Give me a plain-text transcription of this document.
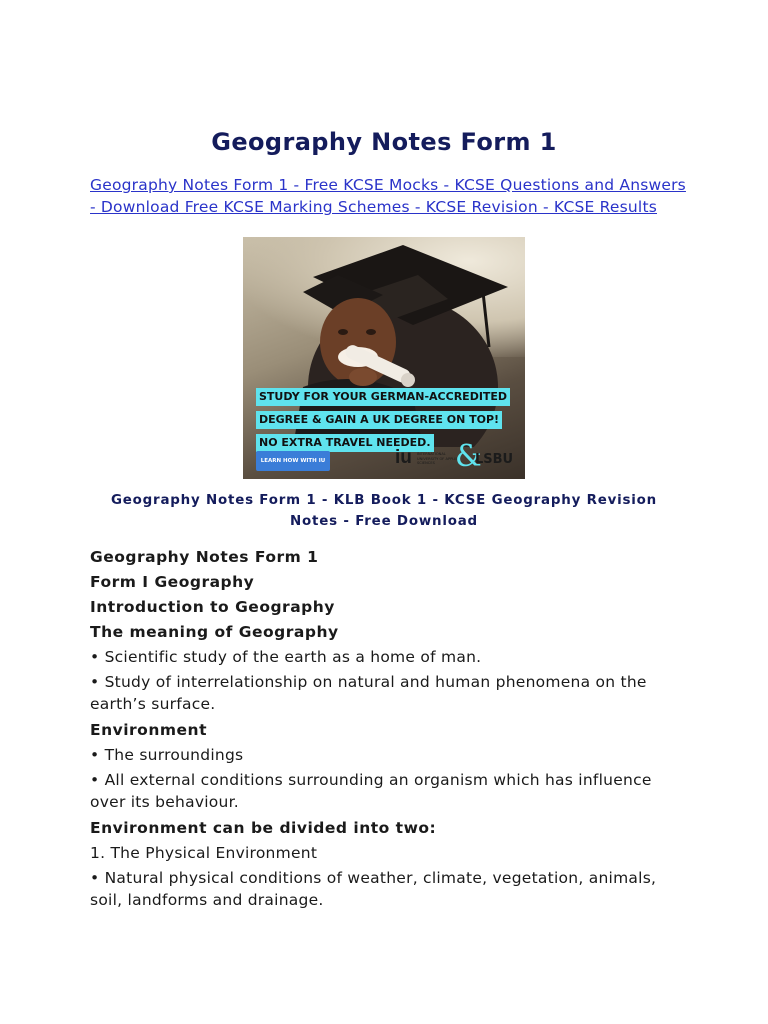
Geography Notes Form 1
Geography Notes Form 1 - Free KCSE Mocks - KCSE Questions and Answers - Download Free KCSE Marking Schemes - KCSE Revision - KCSE Results
STUDY FOR YOUR GERMAN-ACCREDITED
DEGREE & GAIN A UK DEGREE ON TOP!
NO EXTRA TRAVEL NEEDED.
LEARN HOW WITH IU	iu INTERNATIONAL UNIVERSITY OF APPLIED SCIENCES &
LSBU
Geography Notes Form 1 - KLB Book 1 - KCSE Geography Revision Notes - Free Download
Geography Notes Form 1
Form I Geography
Introduction to Geography
The meaning of Geography
• Scientific study of the earth as a home of man.
• Study of interrelationship on natural and human phenomena on the earth’s surface.
Environment
• The surroundings
• All external conditions surrounding an organism which has influence over its behaviour.
Environment can be divided into two:
1. The Physical Environment
• Natural physical conditions of weather, climate, vegetation, animals, soil, landforms and drainage.
